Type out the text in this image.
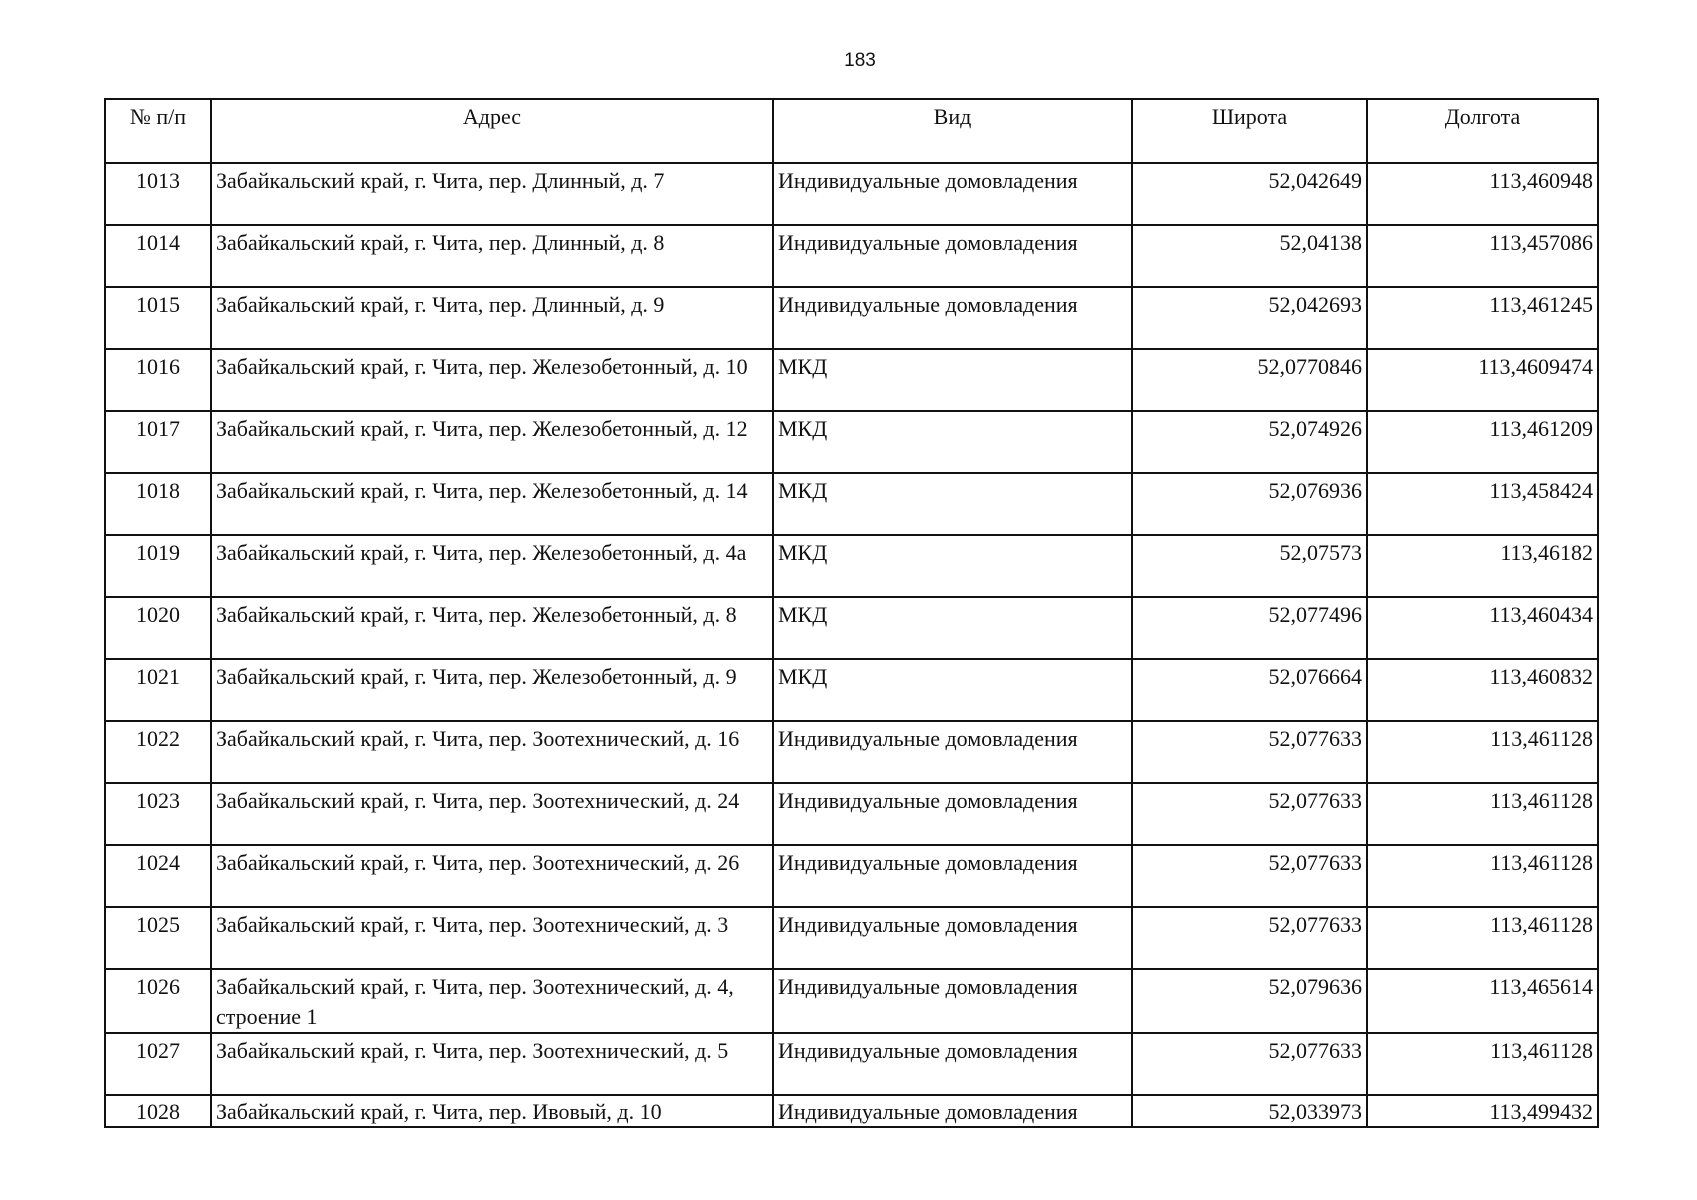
183
№ п/п	Адрес	Вид	Широта	Долгота
1013	Забайкальский край, г. Чита, пер. Длинный, д. 7	Индивидуальные домовладения	52,042649	113,460948
1014	Забайкальский край, г. Чита, пер. Длинный, д. 8	Индивидуальные домовладения	52,04138	113,457086
1015	Забайкальский край, г. Чита, пер. Длинный, д. 9	Индивидуальные домовладения	52,042693	113,461245
1016	Забайкальский край, г. Чита, пер. Железобетонный, д. 10	МКД	52,0770846	113,4609474
1017	Забайкальский край, г. Чита, пер. Железобетонный, д. 12	МКД	52,074926	113,461209
1018	Забайкальский край, г. Чита, пер. Железобетонный, д. 14	МКД	52,076936	113,458424
1019	Забайкальский край, г. Чита, пер. Железобетонный, д. 4а	МКД	52,07573	113,46182
1020	Забайкальский край, г. Чита, пер. Железобетонный, д. 8	МКД	52,077496	113,460434
1021	Забайкальский край, г. Чита, пер. Железобетонный, д. 9	МКД	52,076664	113,460832
1022	Забайкальский край, г. Чита, пер. Зоотехнический, д. 16	Индивидуальные домовладения	52,077633	113,461128
1023	Забайкальский край, г. Чита, пер. Зоотехнический, д. 24	Индивидуальные домовладения	52,077633	113,461128
1024	Забайкальский край, г. Чита, пер. Зоотехнический, д. 26	Индивидуальные домовладения	52,077633	113,461128
1025	Забайкальский край, г. Чита, пер. Зоотехнический, д. 3	Индивидуальные домовладения	52,077633	113,461128
1026	Забайкальский край, г. Чита, пер. Зоотехнический, д. 4, строение 1	Индивидуальные домовладения	52,079636	113,465614
1027	Забайкальский край, г. Чита, пер. Зоотехнический, д. 5	Индивидуальные домовладения	52,077633	113,461128
1028	Забайкальский край, г. Чита, пер. Ивовый, д. 10	Индивидуальные домовладения	52,033973	113,499432
